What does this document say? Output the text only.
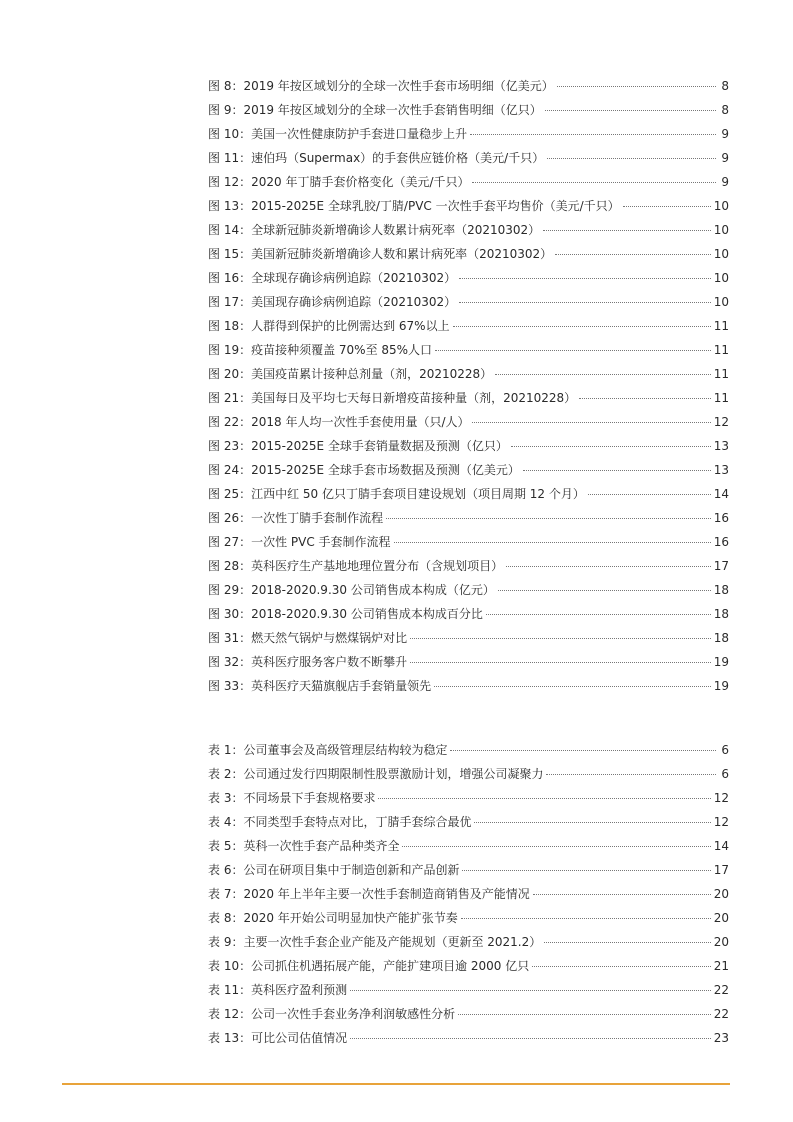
图 8：2019 年按区域划分的全球一次性手套市场明细（亿美元）	8
图 9：2019 年按区域划分的全球一次性手套销售明细（亿只）	8
图 10：美国一次性健康防护手套进口量稳步上升	9
图 11：速伯玛（Supermax）的手套供应链价格（美元/千只）	9
图 12：2020 年丁腈手套价格变化（美元/千只）	9
图 13：2015-2025E 全球乳胶/丁腈/PVC 一次性手套平均售价（美元/千只）	10
图 14：全球新冠肺炎新增确诊人数累计病死率（20210302）	10
图 15：美国新冠肺炎新增确诊人数和累计病死率（20210302）	10
图 16：全球现存确诊病例追踪（20210302）	10
图 17：美国现存确诊病例追踪（20210302）	10
图 18：人群得到保护的比例需达到 67%以上	11
图 19：疫苗接种须覆盖 70%至 85%人口	11
图 20：美国疫苗累计接种总剂量（剂，20210228）	11
图 21：美国每日及平均七天每日新增疫苗接种量（剂，20210228）	11
图 22：2018 年人均一次性手套使用量（只/人）	12
图 23：2015-2025E 全球手套销量数据及预测（亿只）	13
图 24：2015-2025E 全球手套市场数据及预测（亿美元）	13
图 25：江西中红 50 亿只丁腈手套项目建设规划（项目周期 12 个月）	14
图 26：一次性丁腈手套制作流程	16
图 27：一次性 PVC 手套制作流程	16
图 28：英科医疗生产基地地理位置分布（含规划项目）	17
图 29：2018-2020.9.30 公司销售成本构成（亿元）	18
图 30：2018-2020.9.30 公司销售成本构成百分比	18
图 31：燃天然气锅炉与燃煤锅炉对比	18
图 32：英科医疗服务客户数不断攀升	19
图 33：英科医疗天猫旗舰店手套销量领先	19
表 1：公司董事会及高级管理层结构较为稳定	6
表 2：公司通过发行四期限制性股票激励计划，增强公司凝聚力	6
表 3：不同场景下手套规格要求	12
表 4：不同类型手套特点对比，丁腈手套综合最优	12
表 5：英科一次性手套产品种类齐全	14
表 6：公司在研项目集中于制造创新和产品创新	17
表 7：2020 年上半年主要一次性手套制造商销售及产能情况	20
表 8：2020 年开始公司明显加快产能扩张节奏	20
表 9：主要一次性手套企业产能及产能规划（更新至 2021.2）	20
表 10：公司抓住机遇拓展产能，产能扩建项目逾 2000 亿只	21
表 11：英科医疗盈利预测	22
表 12：公司一次性手套业务净利润敏感性分析	22
表 13：可比公司估值情况	23
